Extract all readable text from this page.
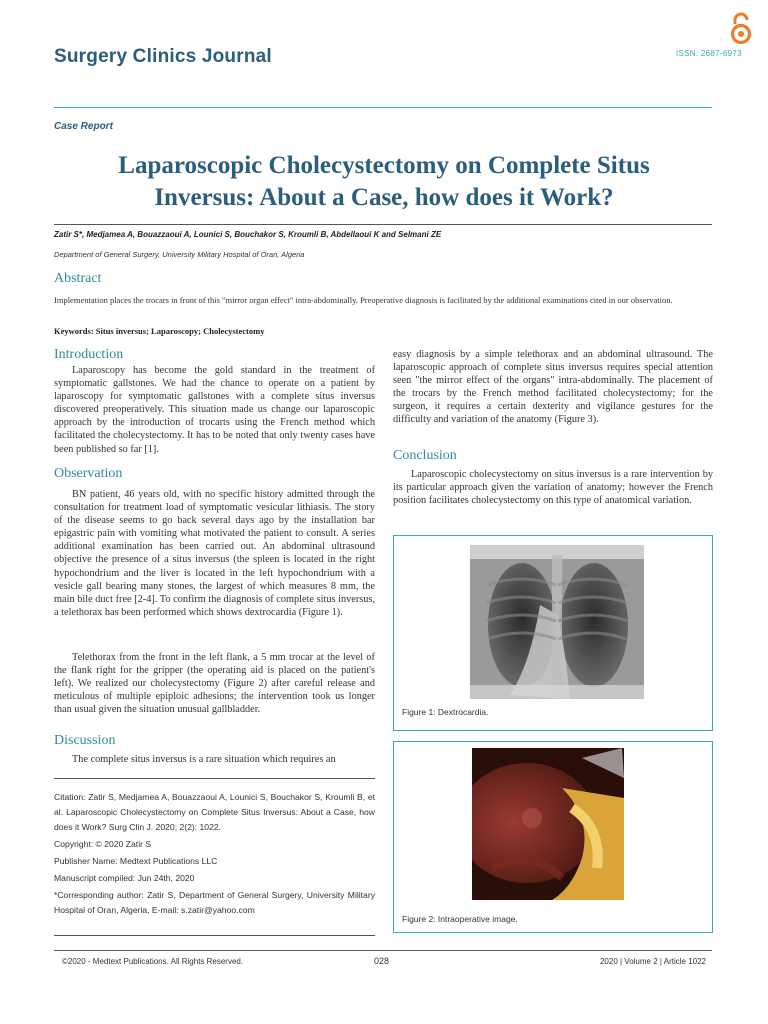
Surgery Clinics Journal	ISSN: 2687-6973
Case Report
Laparoscopic Cholecystectomy on Complete Situs
Inversus: About a Case, how does it Work?
Zatir S*, Medjamea A, Bouazzaoui A, Lounici S, Bouchakor S, Kroumli B, Abdellaoui K and Selmani ZE
Department of General Surgery, University Military Hospital of Oran, Algeria
Abstract
Implementation places the trocars in front of this "mirror organ effect" intra-abdominally. Preoperative diagnosis is facilitated by the additional examinations cited in our observation.
Keywords: Situs inversus; Laparoscopy; Cholecystectomy
Introduction
Laparoscopy has become the gold standard in the treatment of symptomatic gallstones. We had the chance to operate on a patient by laparoscopy for symptomatic gallstones with a complete situs inversus discovered preoperatively. This situation made us change our laparoscopic approach by the introduction of trocarts using the French method which facilitated the cholecystectomy. It has to be noted that only twenty cases have been published so far [1].
Observation
BN patient, 46 years old, with no specific history admitted through the consultation for treatment load of symptomatic vesicular lithiasis. The story of the disease seems to go back several days ago by the installation bar epigastric pain with vomiting what motivated the patient to consult. A series additional examination has been carried out. An abdominal ultrasound objective the presence of a situs inversus (the spleen is located in the right hypochondrium and the liver is located in the left hypochondrium with a vesicle gall bearing many stones, the largest of which measures 8 mm, the main bile duct free [2-4]. To confirm the diagnosis of complete situs inversus, a telethorax has been performed which shows dextrocardia (Figure 1).
Telethorax from the front in the left flank, a 5 mm trocar at the level of the flank right for the gripper (the operating aid is placed on the patient's left). We realized our cholecystectomy (Figure 2) after careful release and meticulous of multiple epiploic adhesions; the intervention took us longer than usual given the situation unusual gallbladder.
Discussion
The complete situs inversus is a rare situation which requires an

Citation: Zatir S, Medjamea A, Bouazzaoui A, Lounici S, Bouchakor S, Kroumli B, et al. Laparoscopic Cholecystectomy on Complete Situs Inversus: About a Case, how does it Work? Surg Clin J. 2020; 2(2): 1022.

Copyright: © 2020 Zatir S

Publisher Name: Medtext Publications LLC

Manuscript compiled: Jun 24th, 2020

*Corresponding author: Zatir S, Department of General Surgery, University Military Hospital of Oran, Algeria, E-mail: s.zatir@yahoo.com

easy diagnosis by a simple telethorax and an abdominal ultrasound. The laparoscopic approach of complete situs inversus requires special attention seen "the mirror effect of the organs" intra-abdominally. The placement of the trocars by the French method facilitated cholecystectomy; for the surgeon, it requires a certain dexterity and vigilance gestures for the difficulty and variation of the anatomy (Figure 3).
Conclusion
Laparoscopic cholecystectomy on situs inversus is a rare intervention by its particular approach given the variation of anatomy; however the French position facilitates cholecystectomy on this type of anatomical variation.
Figure 1: Dextrocardia.
Figure 2: Intraoperative image.
©2020 - Medtext Publications. All Rights Reserved.	028	2020 | Volume 2 | Article 1022
